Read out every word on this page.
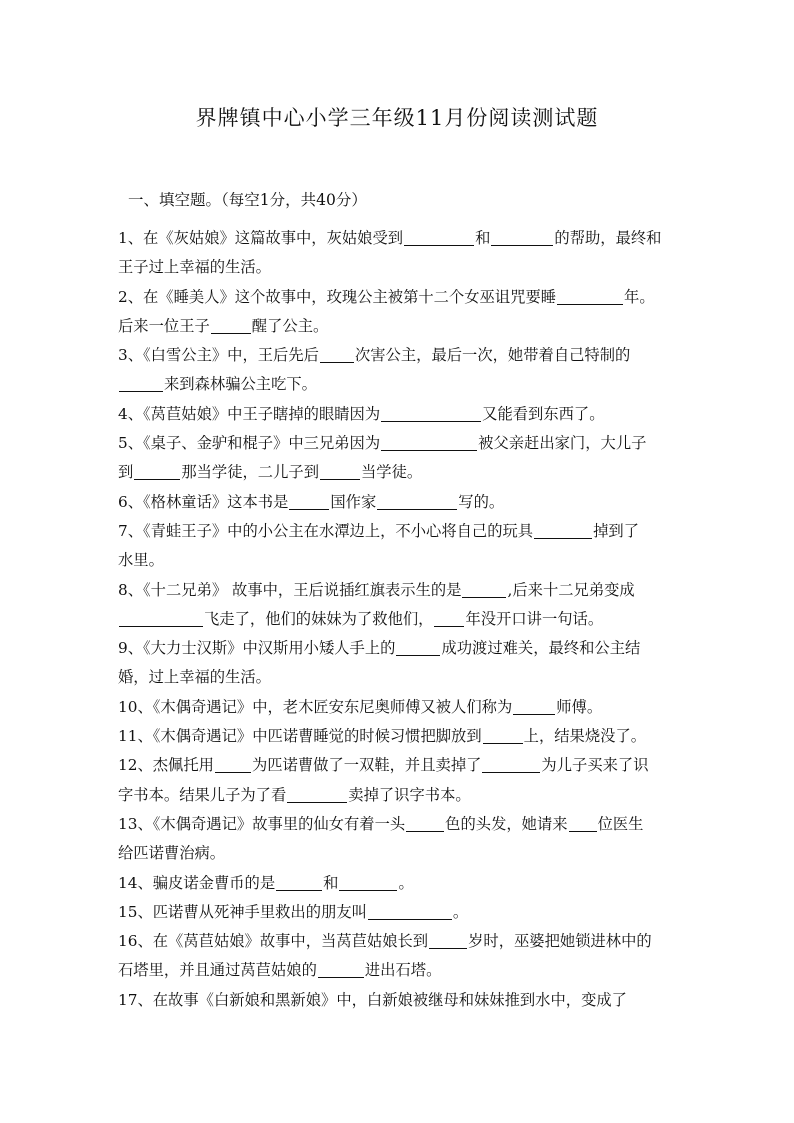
界牌镇中心小学三年级11月份阅读测试题
一、填空题。（每空1分，共40分）
1、在《灰姑娘》这篇故事中，灰姑娘受到	和	的帮助，最终和
王子过上幸福的生活。
2、在《睡美人》这个故事中，玫瑰公主被第十二个女巫诅咒要睡	年。
后来一位王子	醒了公主。
3、《白雪公主》中，王后先后 次害公主，最后一次，她带着自己特制的
来到森林骗公主吃下。
4、《莴苣姑娘》中王子瞎掉的眼睛因为	又能看到东西了。
5、《桌子、金驴和棍子》中三兄弟因为	被父亲赶出家门，大儿子
到	那当学徒，二儿子到	当学徒。
6、《格林童话》这本书是	国作家	写的。
7、《青蛙王子》中的小公主在水潭边上，不小心将自己的玩具	掉到了
水里。
8、《十二兄弟》 故事中，王后说插红旗表示生的是	,后来十二兄弟变成
飞走了，他们的妹妹为了救他们， 年没开口讲一句话。
9、《大力士汉斯》中汉斯用小矮人手上的	成功渡过难关，最终和公主结
婚，过上幸福的生活。
10、《木偶奇遇记》中，老木匠安东尼奥师傅又被人们称为	师傅。
11、《木偶奇遇记》中匹诺曹睡觉的时候习惯把脚放到	上，结果烧没了。
12、杰佩托用 为匹诺曹做了一双鞋，并且卖掉了	为儿子买来了识
字书本。结果儿子为了看	卖掉了识字书本。
13、《木偶奇遇记》故事里的仙女有着一头	色的头发，她请来 位医生
给匹诺曹治病。
14、骗皮诺金曹币的是	和	。
15、匹诺曹从死神手里救出的朋友叫	。
16、在《莴苣姑娘》故事中，当莴苣姑娘长到	岁时，巫婆把她锁进林中的
石塔里，并且通过莴苣姑娘的	进出石塔。
17、在故事《白新娘和黑新娘》中，白新娘被继母和妹妹推到水中，变成了
